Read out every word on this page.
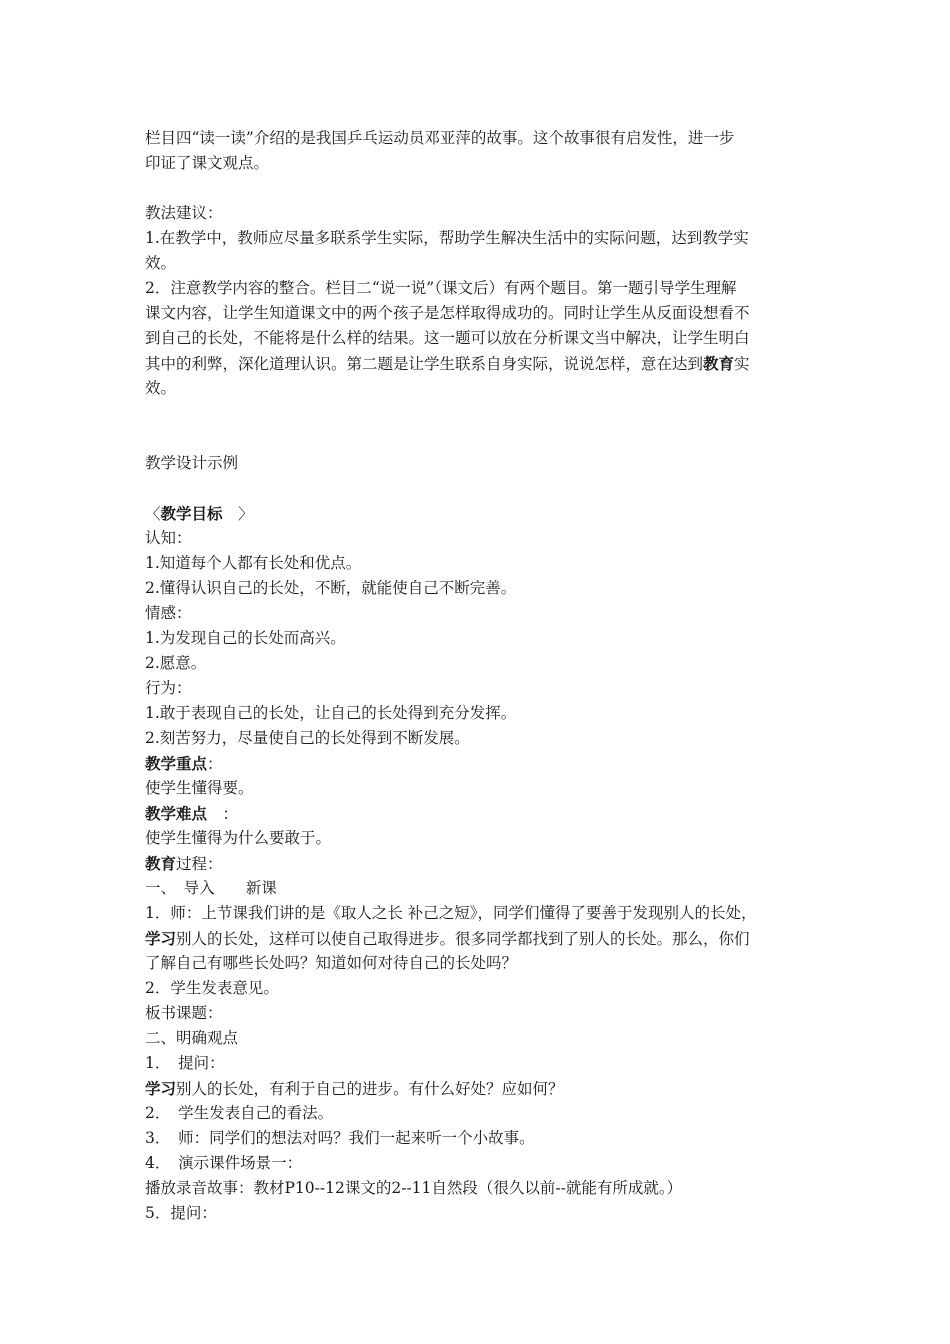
栏目四“读一读”介绍的是我国乒乓运动员邓亚萍的故事。这个故事很有启发性，进一步
印证了课文观点。
教法建议：
1.在教学中，教师应尽量多联系学生实际，帮助学生解决生活中的实际问题，达到教学实
效。
2．注意教学内容的整合。栏目二“说一说”（课文后）有两个题目。第一题引导学生理解
课文内容，让学生知道课文中的两个孩子是怎样取得成功的。同时让学生从反面设想看不
到自己的长处，不能将是什么样的结果。这一题可以放在分析课文当中解决，让学生明白
其中的利弊，深化道理认识。第二题是让学生联系自身实际，说说怎样，意在达到教育实
效。
教学设计示例
〈教学目标　〉
认知：
1.知道每个人都有长处和优点。
2.懂得认识自己的长处，不断，就能使自己不断完善。
情感：
1.为发现自己的长处而高兴。
2.愿意。
行为：
1.敢于表现自己的长处，让自己的长处得到充分发挥。
2.刻苦努力，尽量使自己的长处得到不断发展。
教学重点：
使学生懂得要。
教学难点　：
使学生懂得为什么要敢于。
教育过程：
一、　导入　　新课
1．师：上节课我们讲的是《取人之长 补己之短》，同学们懂得了要善于发现别人的长处，
学习别人的长处，这样可以使自己取得进步。很多同学都找到了别人的长处。那么，你们
了解自己有哪些长处吗？知道如何对待自己的长处吗？
2．学生发表意见。
板书课题：
二、明确观点
1．　提问：
学习别人的长处，有利于自己的进步。有什么好处？应如何？
2．　学生发表自己的看法。
3．　师：同学们的想法对吗？我们一起来听一个小故事。
4．　演示课件场景一：
播放录音故事：教材P10--12课文的2--11自然段（很久以前--就能有所成就。）
5．提问：
